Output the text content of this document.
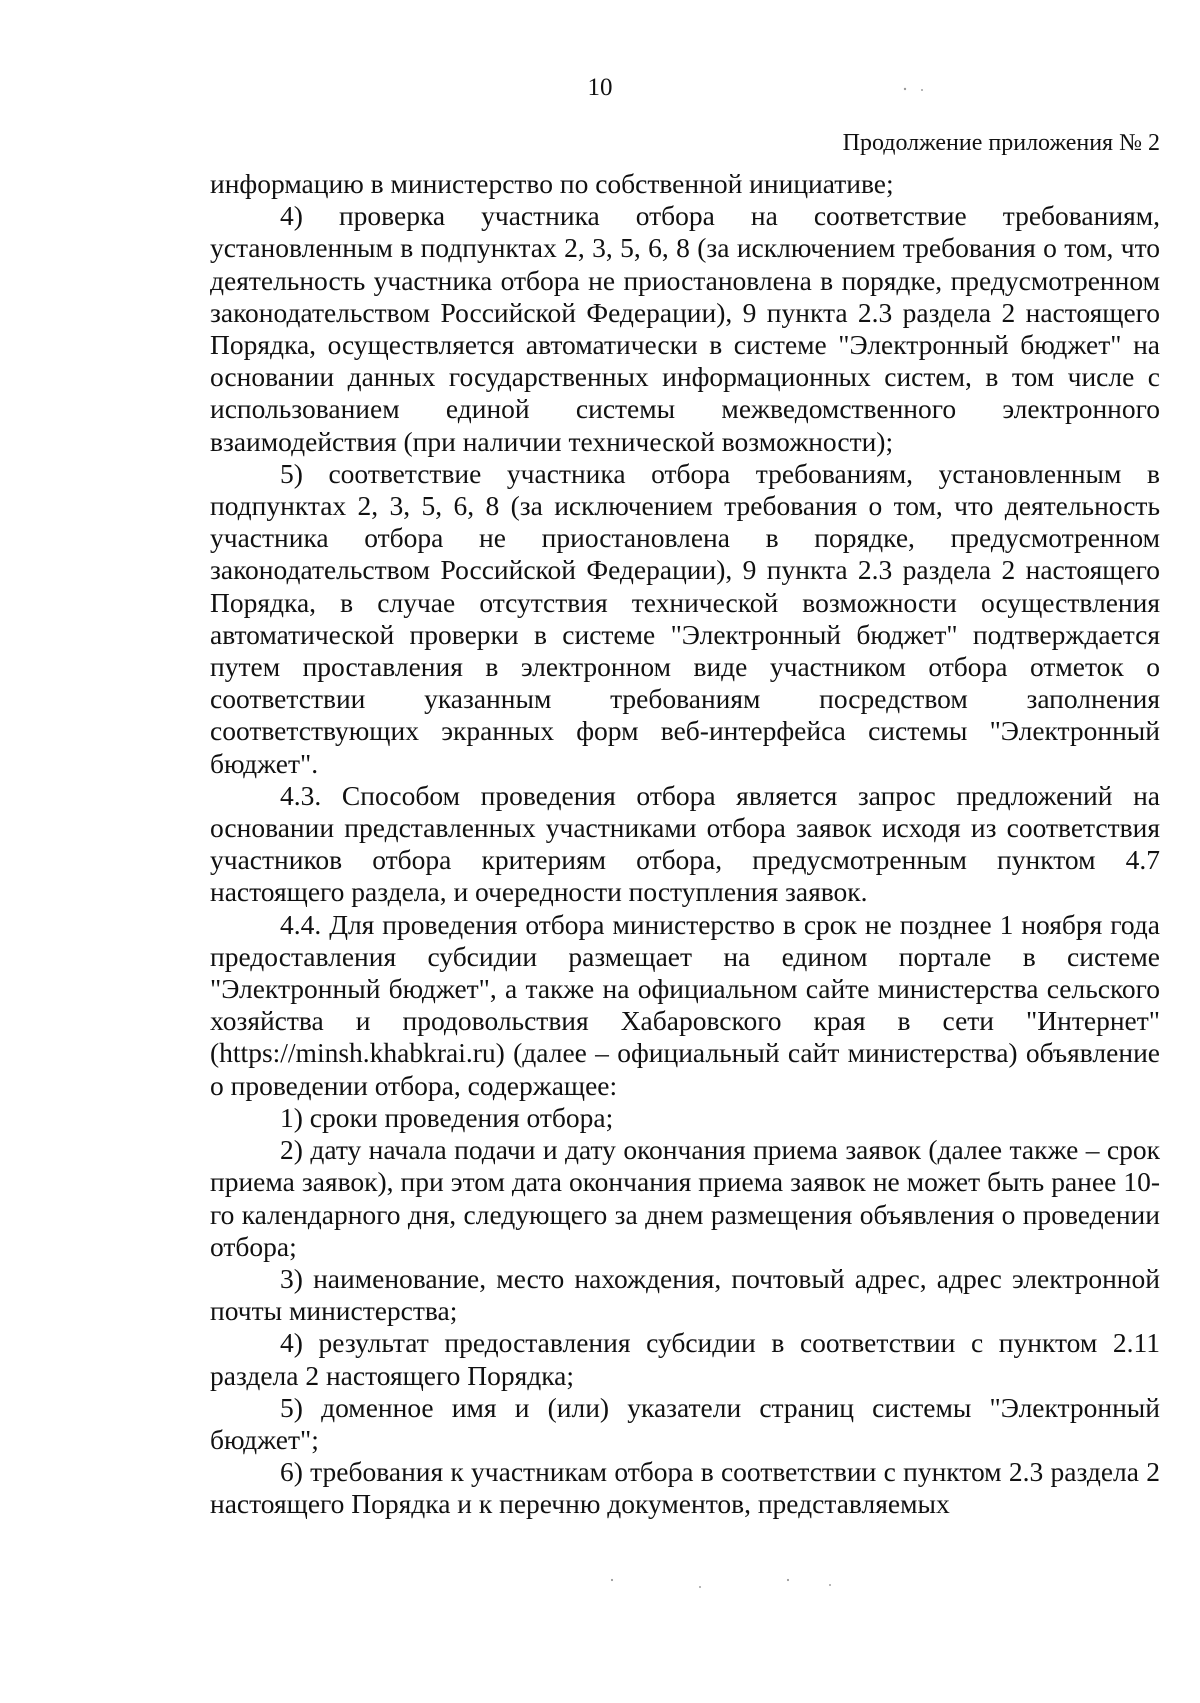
10
Продолжение приложения № 2

информацию в министерство по собственной инициативе;

4) проверка участника отбора на соответствие требованиям, установленным в подпунктах 2, 3, 5, 6, 8 (за исключением требования о том, что деятельность участника отбора не приостановлена в порядке, предусмотренном законодательством Российской Федерации), 9 пункта 2.3 раздела 2 настоящего Порядка, осуществляется автоматически в системе "Электронный бюджет" на основании данных государственных информационных систем, в том числе с использованием единой системы межведомственного электронного взаимодействия (при наличии технической возможности);

5) соответствие участника отбора требованиям, установленным в подпунктах 2, 3, 5, 6, 8 (за исключением требования о том, что деятельность участника отбора не приостановлена в порядке, предусмотренном законодательством Российской Федерации), 9 пункта 2.3 раздела 2 настоящего Порядка, в случае отсутствия технической возможности осуществления автоматической проверки в системе "Электронный бюджет" подтверждается путем проставления в электронном виде участником отбора отметок о соответствии указанным требованиям посредством заполнения соответствующих экранных форм веб-интерфейса системы "Электронный бюджет".

4.3. Способом проведения отбора является запрос предложений на основании представленных участниками отбора заявок исходя из соответствия участников отбора критериям отбора, предусмотренным пунктом 4.7 настоящего раздела, и очередности поступления заявок.

4.4. Для проведения отбора министерство в срок не позднее 1 ноября года предоставления субсидии размещает на едином портале в системе "Электронный бюджет", а также на официальном сайте министерства сельского хозяйства и продовольствия Хабаровского края в сети "Интернет" (https://minsh.khabkrai.ru) (далее – официальный сайт министерства) объявление о проведении отбора, содержащее:

1) сроки проведения отбора;

2) дату начала подачи и дату окончания приема заявок (далее также – срок приема заявок), при этом дата окончания приема заявок не может быть ранее 10-го календарного дня, следующего за днем размещения объявления о проведении отбора;

3) наименование, место нахождения, почтовый адрес, адрес электронной почты министерства;

4) результат предоставления субсидии в соответствии с пунктом 2.11 раздела 2 настоящего Порядка;

5) доменное имя и (или) указатели страниц системы "Электронный бюджет";

6) требования к участникам отбора в соответствии с пунктом 2.3 раздела 2 настоящего Порядка и к перечню документов, представляемых
